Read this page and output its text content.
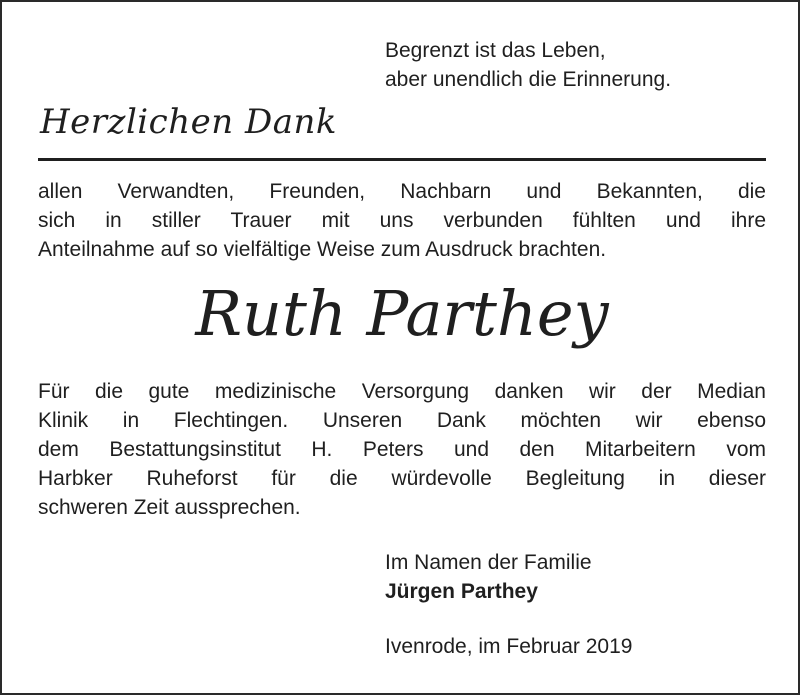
Begrenzt ist das Leben,
aber unendlich die Erinnerung.
Herzlichen Dank
allen Verwandten, Freunden, Nachbarn und Bekannten, die
sich in stiller Trauer mit uns verbunden fühlten und ihre
Anteilnahme auf so vielfältige Weise zum Ausdruck brachten.
Ruth Parthey
Für die gute medizinische Versorgung danken wir der Median
Klinik in Flechtingen. Unseren Dank möchten wir ebenso
dem Bestattungsinstitut H. Peters und den Mitarbeitern vom
Harbker Ruheforst für die würdevolle Begleitung in dieser
schweren Zeit aussprechen.
Im Namen der Familie
Jürgen Parthey
Ivenrode, im Februar 2019
